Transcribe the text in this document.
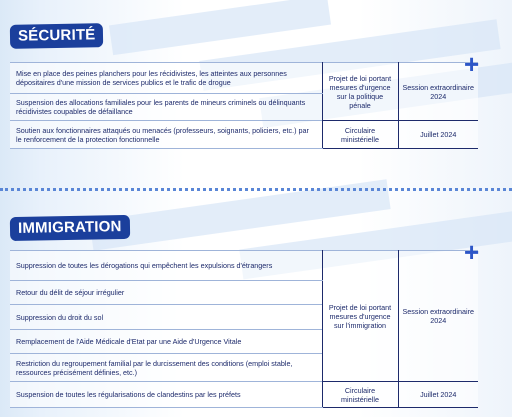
SÉCURITÉ
+
Mise en place des peines planchers pour les récidivistes, les atteintes aux personnes dépositaires d'une mission de services publics et le trafic de drogue	Projet de loi portant mesures d'urgence sur la politique pénale	Session extraordinaire 2024
Suspension des allocations familiales pour les parents de mineurs criminels ou délinquants récidivistes coupables de défaillance		
Soutien aux fonctionnaires attaqués ou menacés (professeurs, soignants, policiers, etc.) par le renforcement de la protection fonctionnelle	Circulaire ministérielle	Juillet 2024
IMMIGRATION
+
Suppression de toutes les dérogations qui empêchent les expulsions d'étrangers	Projet de loi portant mesures d'urgence sur l'immigration	Session extraordinaire 2024
Retour du délit de séjour irrégulier		
Suppression du droit du sol		
Remplacement de l'Aide Médicale d'Etat par une Aide d'Urgence Vitale		
Restriction du regroupement familial par le durcissement des conditions (emploi stable, ressources précisément définies, etc.)		
Suspension de toutes les régularisations de clandestins par les préfets	Circulaire ministérielle	Juillet 2024
